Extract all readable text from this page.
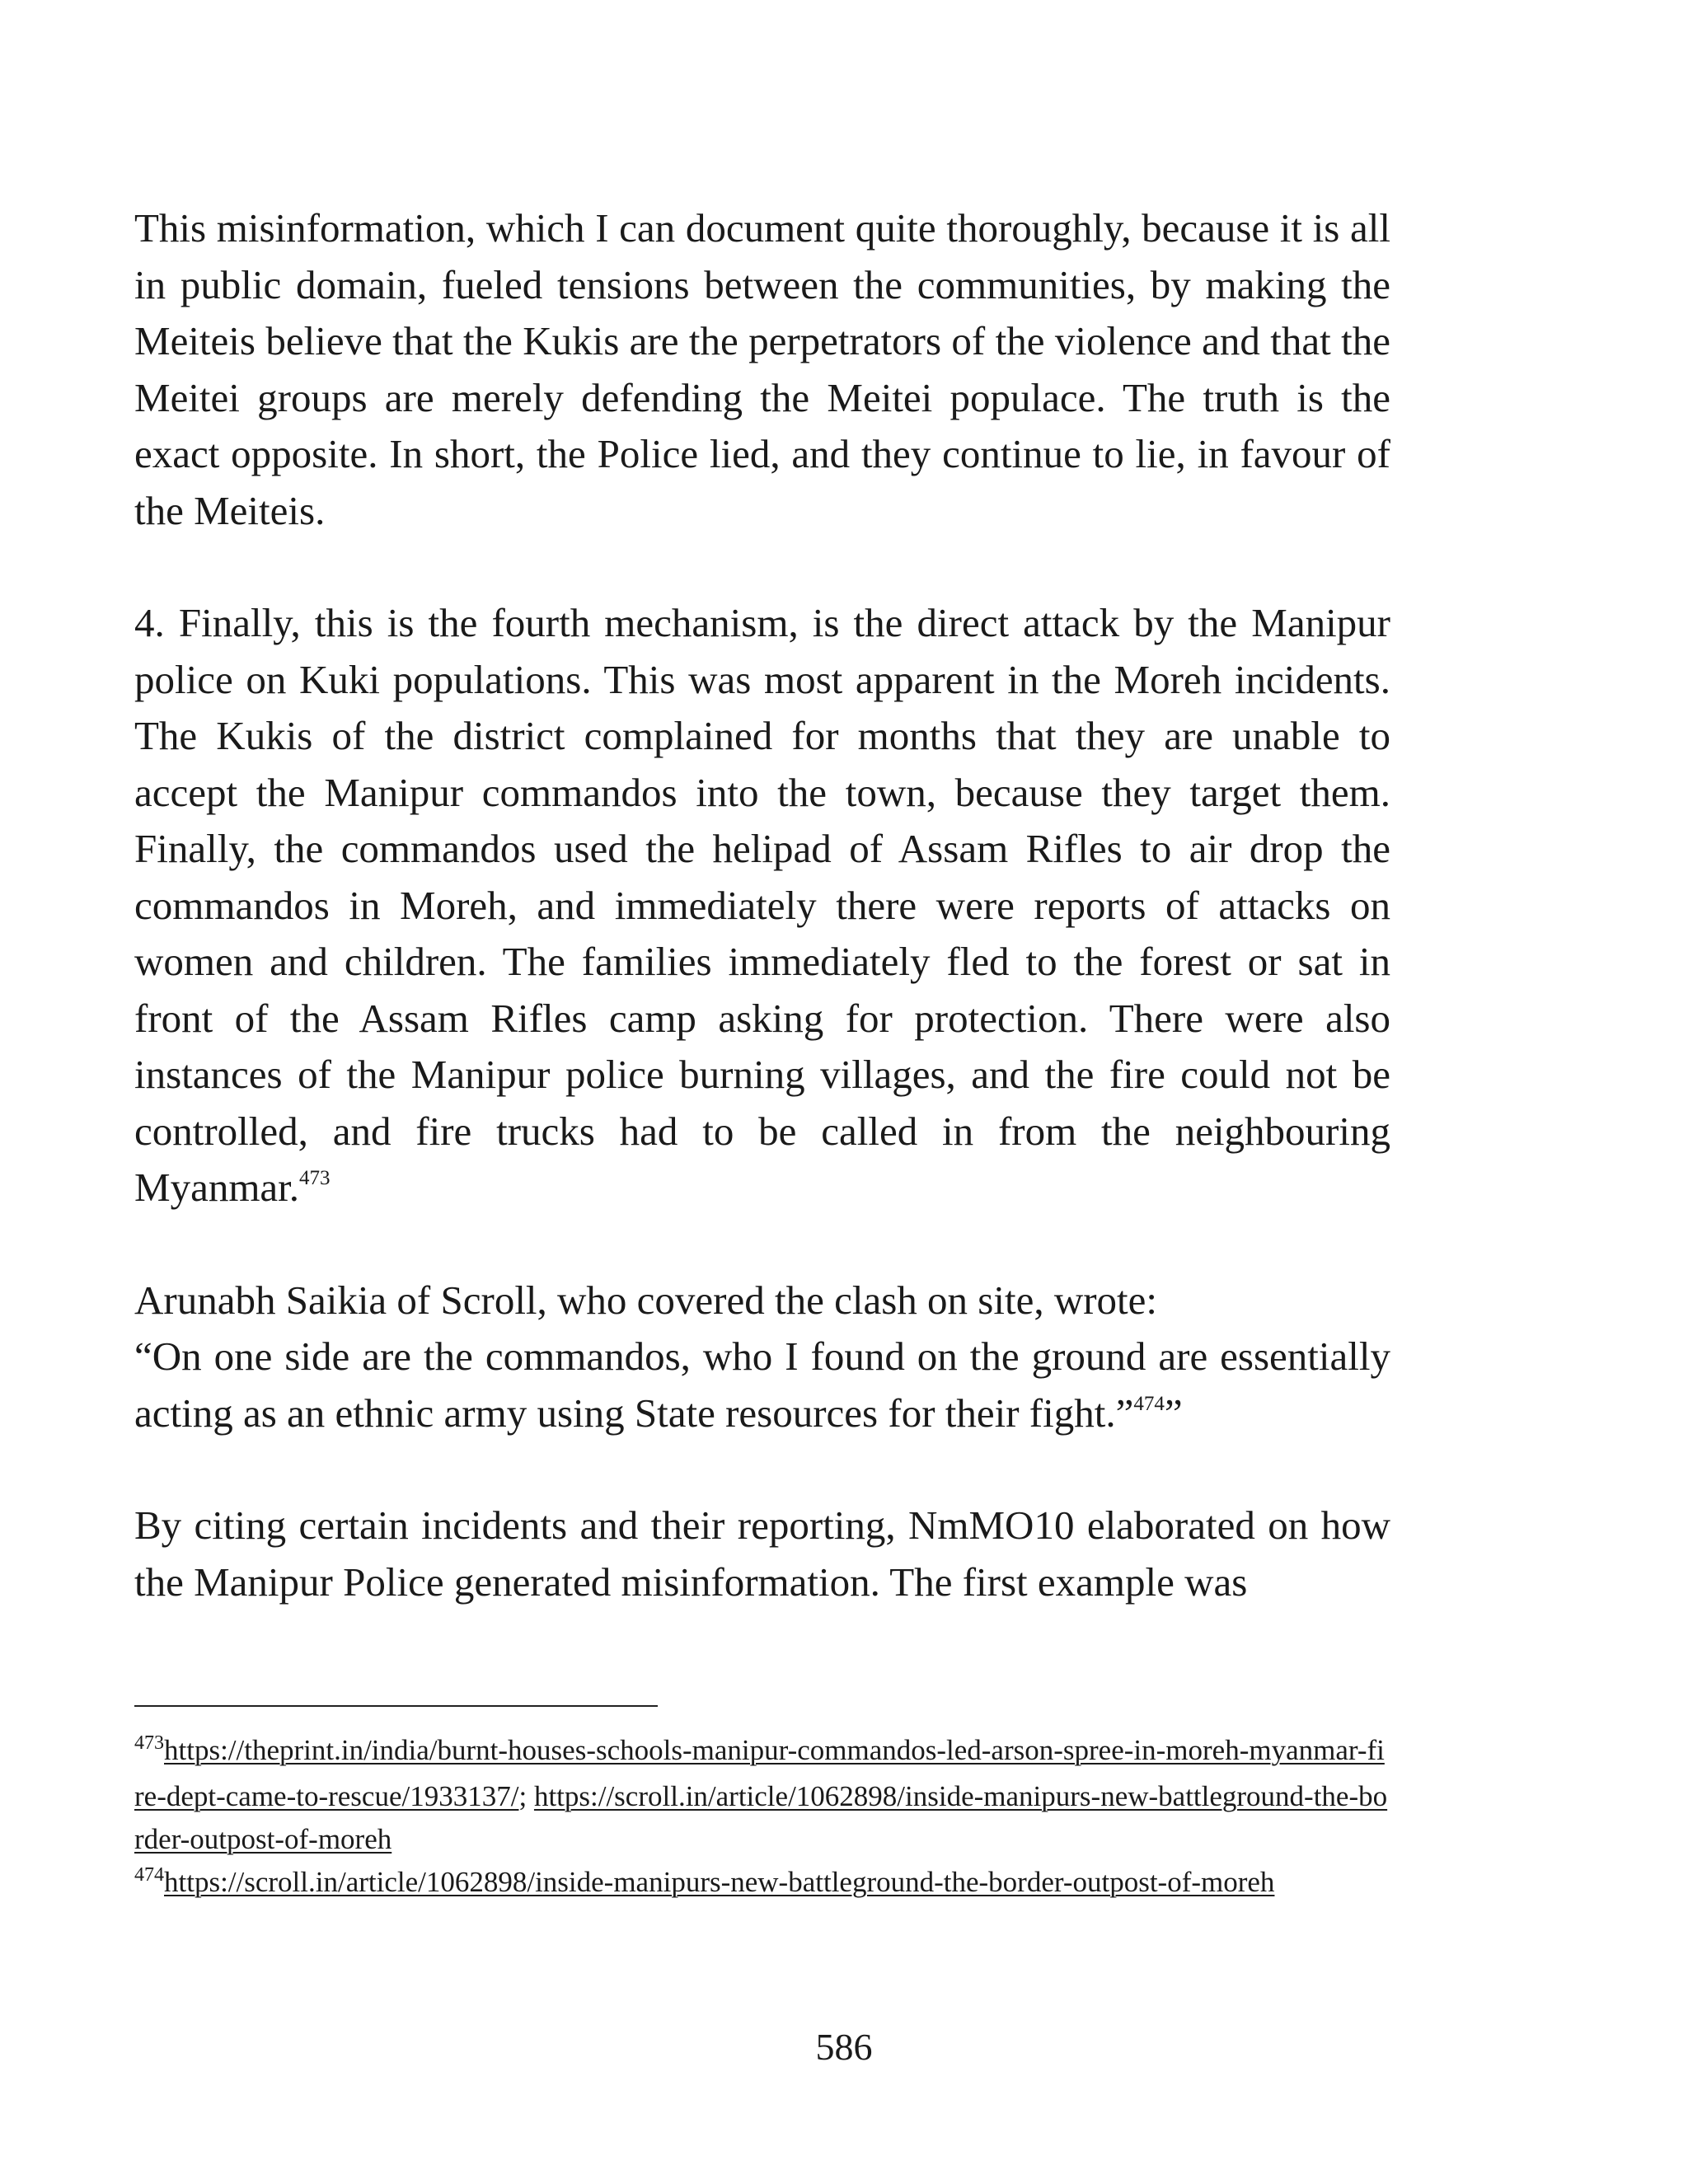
This misinformation, which I can document quite thoroughly, because it is all in public domain, fueled tensions between the communities, by making the Meiteis believe that the Kukis are the perpetrators of the violence and that the Meitei groups are merely defending the Meitei populace. The truth is the exact opposite. In short, the Police lied, and they continue to lie, in favour of the Meiteis.

4. Finally, this is the fourth mechanism, is the direct attack by the Manipur police on Kuki populations. This was most apparent in the Moreh incidents. The Kukis of the district complained for months that they are unable to accept the Manipur commandos into the town, because they target them. Finally, the commandos used the helipad of Assam Rifles to air drop the commandos in Moreh, and immediately there were reports of attacks on women and children. The families immediately fled to the forest or sat in front of the Assam Rifles camp asking for protection. There were also instances of the Manipur police burning villages, and the fire could not be controlled, and fire trucks had to be called in from the neighbouring Myanmar.$^{473}$

Arunabh Saikia of Scroll, who covered the clash on site, wrote:

“On one side are the commandos, who I found on the ground are essentially acting as an ethnic army using State resources for their fight.”$^{474}$”

By citing certain incidents and their reporting, NmMO10 elaborated on how the Manipur Police generated misinformation. The first example was

$^{473}$https://theprint.in/india/burnt-houses-schools-manipur-commandos-led-arson-spree-in-moreh-myanmar-fire-dept-came-to-rescue/1933137/; https://scroll.in/article/1062898/inside-manipurs-new-battleground-the-border-outpost-of-moreh

$^{474}$https://scroll.in/article/1062898/inside-manipurs-new-battleground-the-border-outpost-of-moreh

586
